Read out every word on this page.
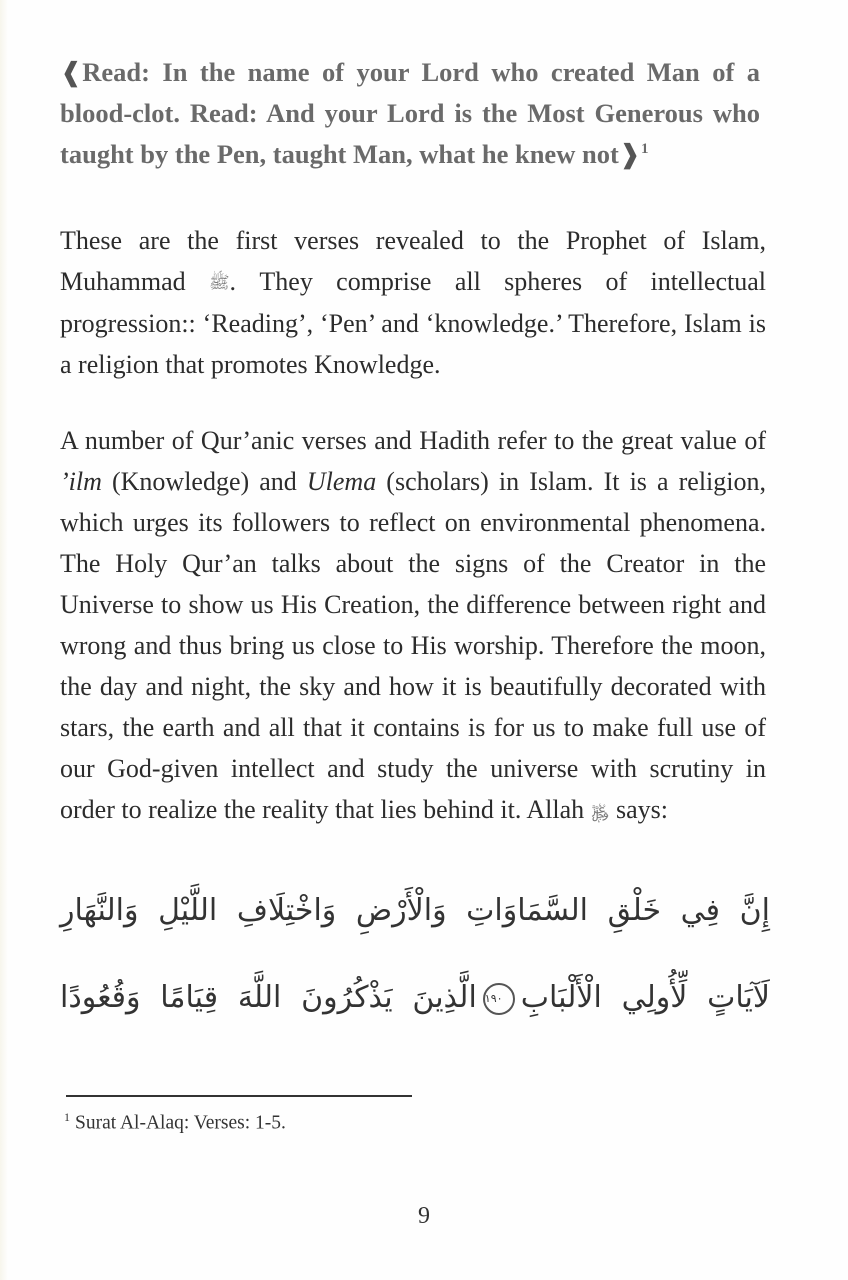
❰Read: In the name of your Lord who created Man of a blood-clot. Read: And your Lord is the Most Generous who taught by the Pen, taught Man, what he knew not❱$^1$
These are the first verses revealed to the Prophet of Islam, Muhammad ﷺ. They comprise all spheres of intellectual progression:: ‘Reading’, ‘Pen’ and ‘knowledge.’ Therefore, Islam is a religion that promotes Knowledge.
A number of Qur’anic verses and Hadith refer to the great value of ’ilm (Knowledge) and Ulema (scholars) in Islam. It is a religion, which urges its followers to reflect on environmental phenomena. The Holy Qur’an talks about the signs of the Creator in the Universe to show us His Creation, the difference between right and wrong and thus bring us close to His worship. Therefore the moon, the day and night, the sky and how it is beautifully decorated with stars, the earth and all that it contains is for us to make full use of our God-given intellect and study the universe with scrutiny in order to realize the reality that lies behind it. Allah ﷿ says:
إِنَّ فِي خَلْقِ السَّمَاوَاتِ وَالْأَرْضِ وَاخْتِلَافِ اللَّيْلِ وَالنَّهَارِ
لَآيَاتٍ لِّأُولِي الْأَلْبَابِ١٩٠الَّذِينَ يَذْكُرُونَ اللَّهَ قِيَامًا وَقُعُودًا
$^1$ Surat Al-Alaq: Verses: 1-5.
9
